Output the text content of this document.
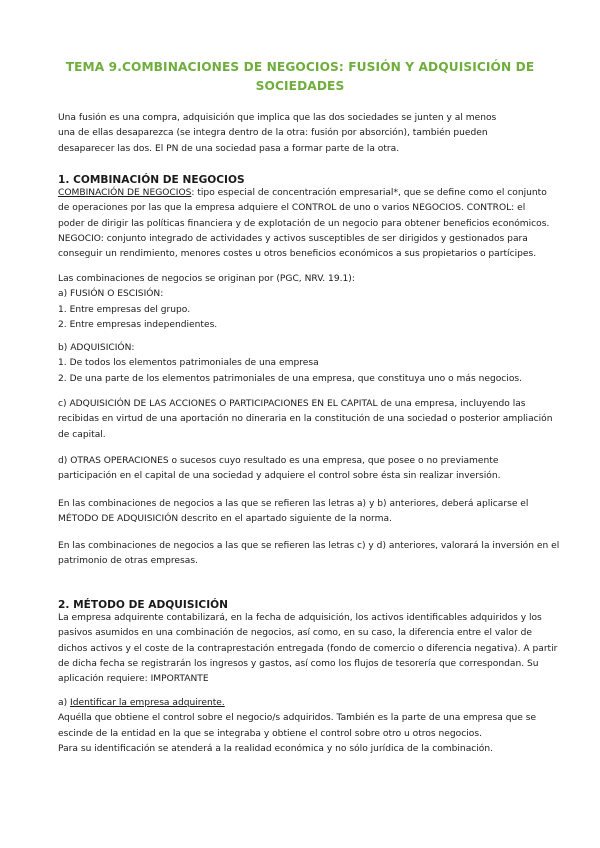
TEMA 9.COMBINACIONES DE NEGOCIOS: FUSIÓN Y ADQUISICIÓN DE
SOCIEDADES

Una fusión es una compra, adquisición que implica que las dos sociedades se junten y al menos
una de ellas desaparezca (se integra dentro de la otra: fusión por absorción), también pueden
desaparecer las dos. El PN de una sociedad pasa a formar parte de la otra.

1. COMBINACIÓN DE NEGOCIOS

COMBINACIÓN DE NEGOCIOS: tipo especial de concentración empresarial*, que se define como el conjunto
de operaciones por las que la empresa adquiere el CONTROL de uno o varios NEGOCIOS. CONTROL: el
poder de dirigir las políticas financiera y de explotación de un negocio para obtener beneficios económicos.
NEGOCIO: conjunto integrado de actividades y activos susceptibles de ser dirigidos y gestionados para
conseguir un rendimiento, menores costes u otros beneficios económicos a sus propietarios o partícipes.

Las combinaciones de negocios se originan por (PGC, NRV. 19.1):
a) FUSIÓN O ESCISIÓN:
1. Entre empresas del grupo.
2. Entre empresas independientes.

b) ADQUISICIÓN:
1. De todos los elementos patrimoniales de una empresa
2. De una parte de los elementos patrimoniales de una empresa, que constituya uno o más negocios.

c) ADQUISICIÓN DE LAS ACCIONES O PARTICIPACIONES EN EL CAPITAL de una empresa, incluyendo las
recibidas en virtud de una aportación no dineraria en la constitución de una sociedad o posterior ampliación
de capital.

d) OTRAS OPERACIONES o sucesos cuyo resultado es una empresa, que posee o no previamente
participación en el capital de una sociedad y adquiere el control sobre ésta sin realizar inversión.

En las combinaciones de negocios a las que se refieren las letras a) y b) anteriores, deberá aplicarse el
MÉTODO DE ADQUISICIÓN descrito en el apartado siguiente de la norma.

En las combinaciones de negocios a las que se refieren las letras c) y d) anteriores, valorará la inversión en el
patrimonio de otras empresas.

2. MÉTODO DE ADQUISICIÓN

La empresa adquirente contabilizará, en la fecha de adquisición, los activos identificables adquiridos y los
pasivos asumidos en una combinación de negocios, así como, en su caso, la diferencia entre el valor de
dichos activos y el coste de la contraprestación entregada (fondo de comercio o diferencia negativa). A partir
de dicha fecha se registrarán los ingresos y gastos, así como los flujos de tesorería que correspondan. Su
aplicación requiere: IMPORTANTE

a) Identificar la empresa adquirente.
Aquélla que obtiene el control sobre el negocio/s adquiridos. También es la parte de una empresa que se
escinde de la entidad en la que se integraba y obtiene el control sobre otro u otros negocios.
Para su identificación se atenderá a la realidad económica y no sólo jurídica de la combinación.
